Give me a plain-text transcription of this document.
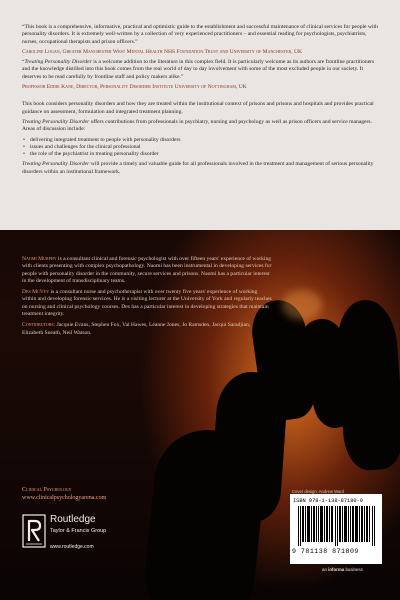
“This book is a comprehensive, informative, practical and optimistic guide to the establishment and successful maintenance of clinical services for people with personality disorders. It is extremely well-written by a collection of very experienced practitioners – and essential reading for psychologists, psychiatrists, nurses, occupational therapists and prison officers.”

Caroline Logan, Greater Manchester West Mental Health NHS Foundation Trust and University of Manchester, UK

“Treating Personality Disorder is a welcome addition to the literature in this complex field. It is particularly welcome as its authors are frontline practitioners and the knowledge distilled into this book comes from the real world of day to day involvement with some of the most excluded people in our society. It deserves to be read carefully by frontline staff and policy makers alike.”

Professor Eddie Kane, Director, Personality Disorder Institute University of Nottingham, UK

This book considers personality disorders and how they are treated within the institutional context of prisons and prisons and hospitals and provides practical guidance on assessment, formulation and integrated treatment planning.

Treating Personality Disorder offers contributions from professionals in psychiatry, nursing and psychology as well as prison officers and service managers. Areas of discussion include:

• delivering integrated treatment to people with personality disorders
• issues and challenges for the clinical professional
• the role of the psychiatrist in treating personality disorder

Treating Personality Disorder will provide a timely and valuable guide for all professionals involved in the treatment and management of serious personality disorders within an institutional framework.

Naomi Murphy is a consultant clinical and forensic psychologist with over fifteen years' experience of working with clients presenting with complex psychopathology. Naomi has been instrumental in developing services for people with personality disorder in the community, secure services and prisons. Naomi has a particular interest in the development of transdisciplinary teams.

Des McVey is a consultant nurse and psychotherapist with over twenty five years' experience of working within and developing forensic services. He is a visiting lecturer at the University of York and regularly teaches on nursing and clinical psychology courses. Des has a particular interest in developing strategies that maintain treatment integrity.

Contributors: Jacquie Evans, Stephen Fox, Val Hawes, Leanne Jones, Jo Ramsden, Jacqui Saradjian, Elizabeth Sneath, Neil Watson.

Clinical Psychology
www.clinicalpsychologyarena.com
Routledge
Taylor & Francis Group
www.routledge.com
Cover design: Andrew Ward
ISBN 978-1-138-87180-9
9 781138 871809
an informa business
